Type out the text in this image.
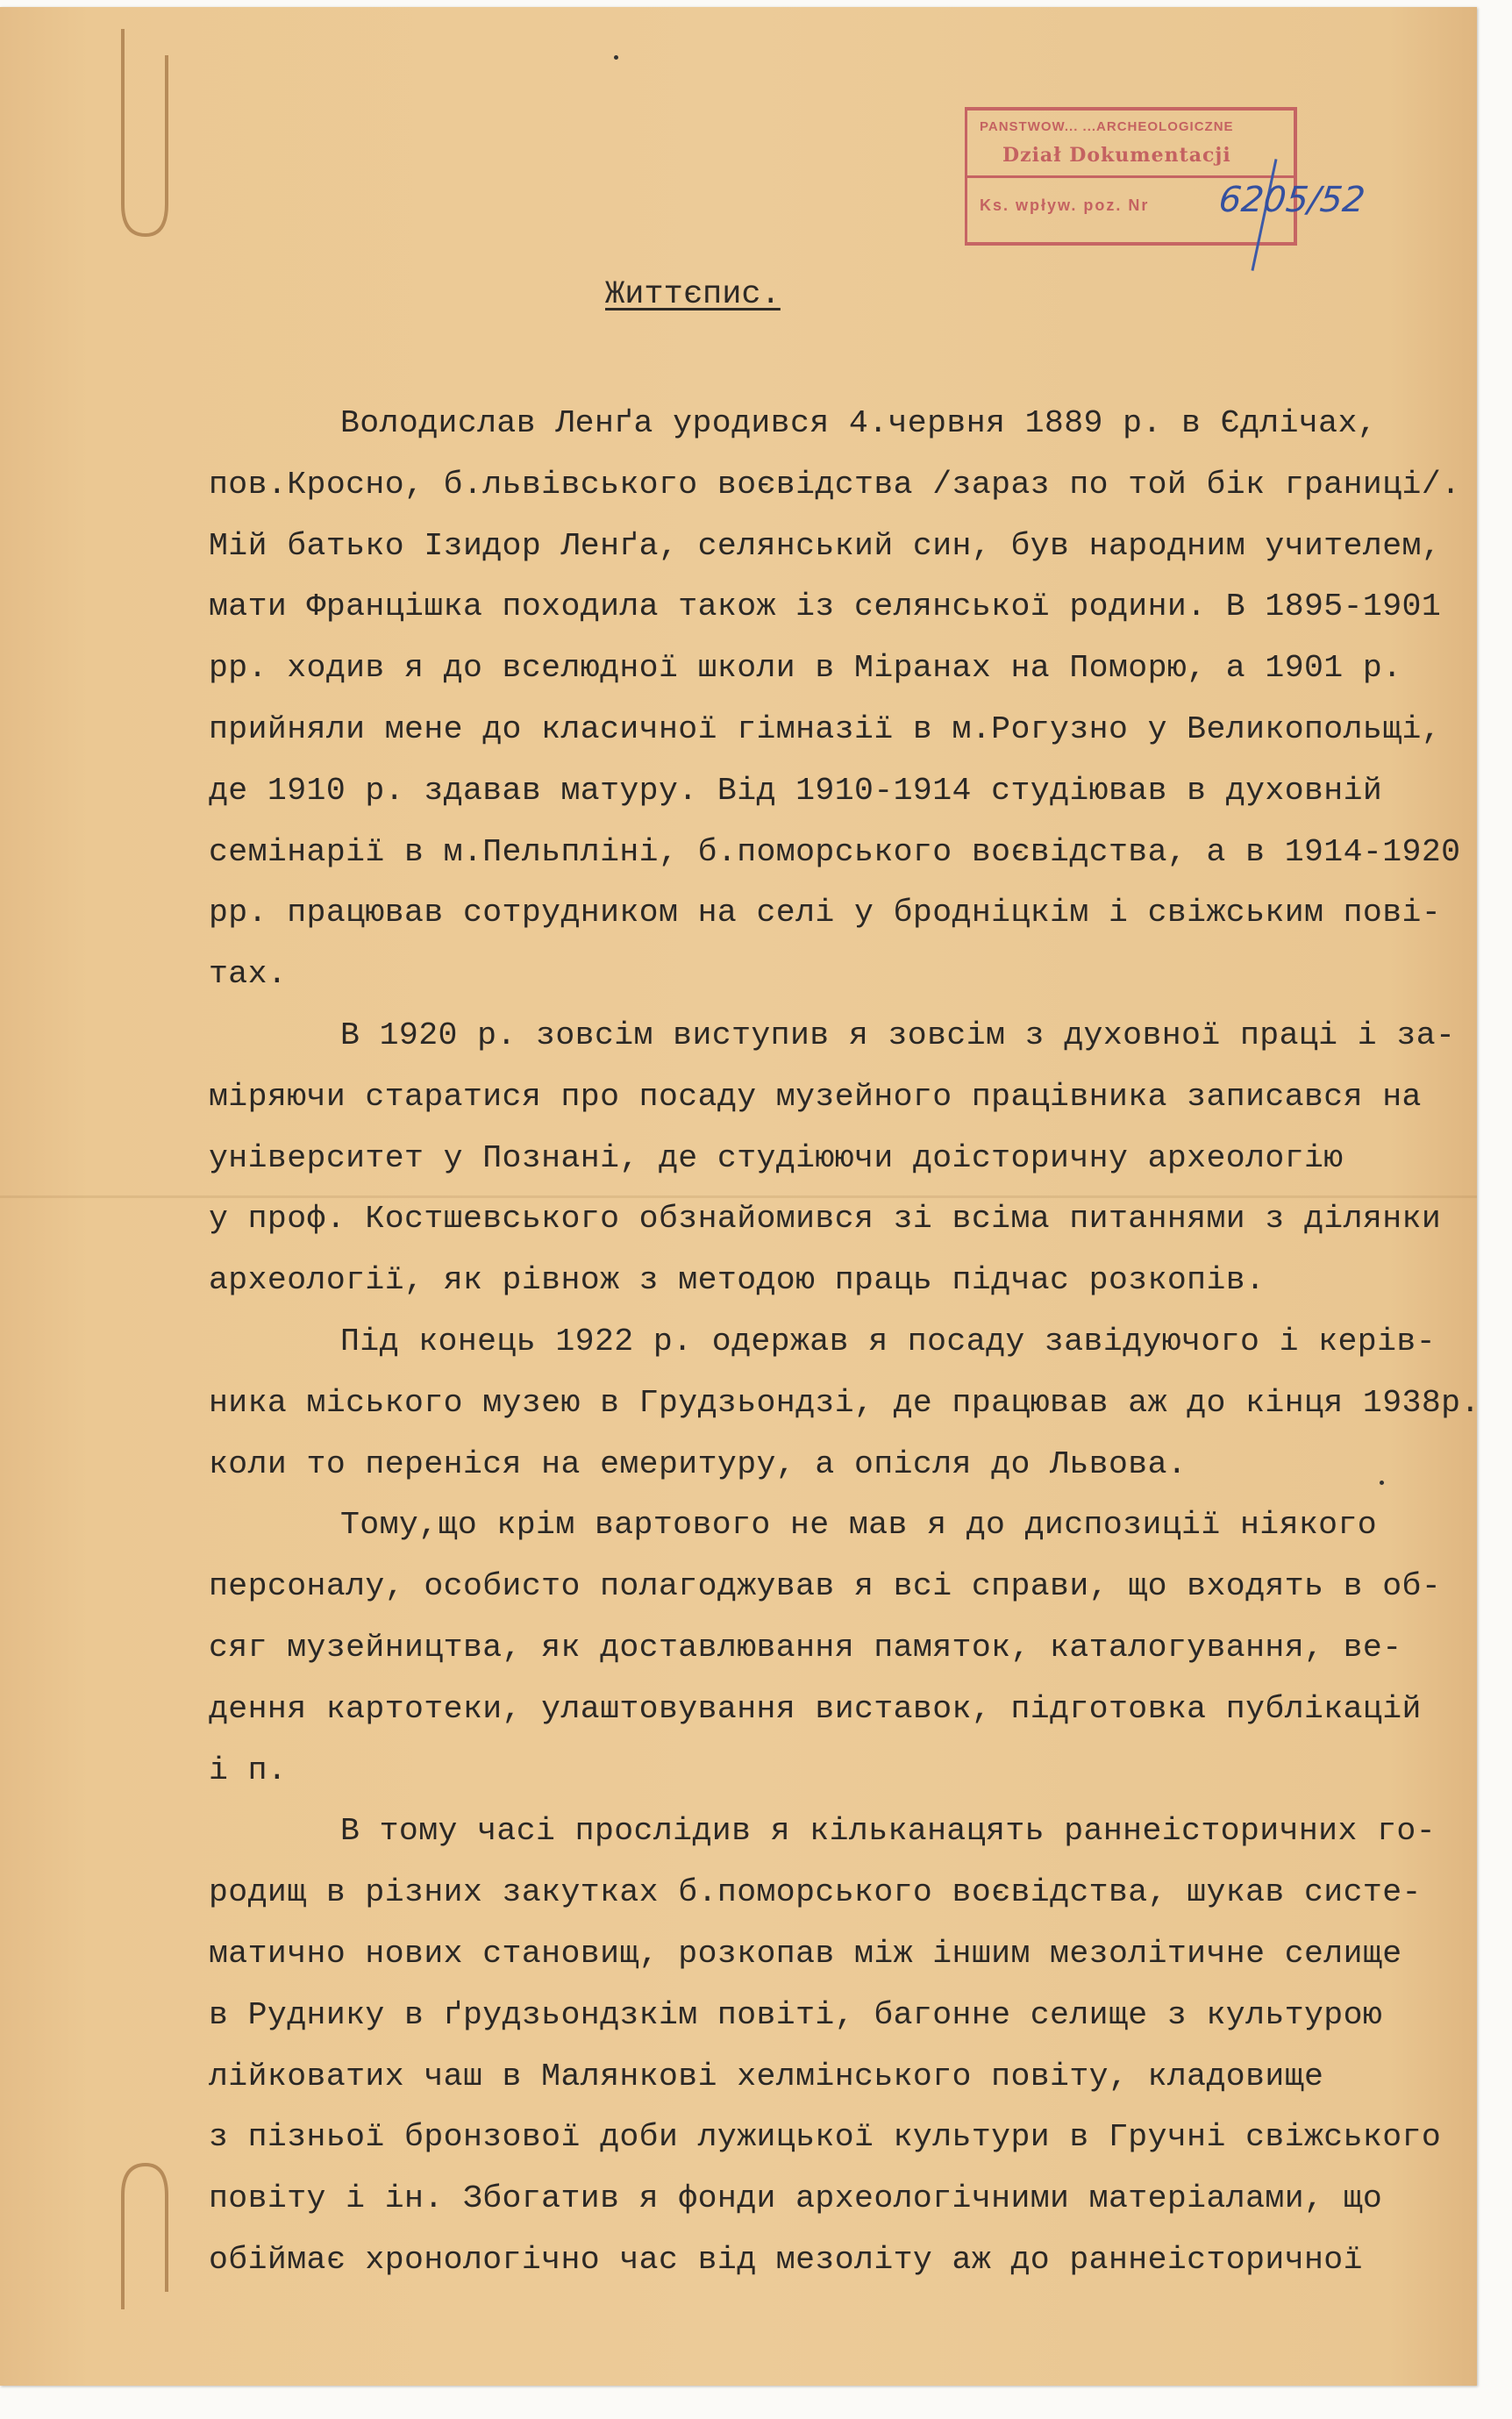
PANSTWOW... ...ARCHEOLOGICZNE
Dział Dokumentacji
Ks. wpływ. poz. Nr 6205/52
Життєпис.
Володислав Ленґа уродився 4.червня 1889 р. в Єдлічах,
пов.Кросно, б.львівського воєвідства /зараз по той бік границі/.
Мій батько Ізидор Ленґа, селянський син, був народним учителем,
мати Францішка походила також із селянської родини. В 1895-1901
рр. ходив я до вселюдної школи в Міранах на Поморю, а 1901 р.
прийняли мене до класичної гімназії в м.Рогузно у Великопольщі,
де 1910 р. здавав матуру. Від 1910-1914 студіював в духовній
семінарії в м.Пельпліні, б.поморського воєвідства, а в 1914-1920
рр. працював сотрудником на селі у бродніцкім і свіжським пові-
тах.
В 1920 р. зовсім виступив я зовсім з духовної праці і за-
міряючи старатися про посаду музейного працівника записався на
університет у Познані, де студіюючи доісторичну археологію
у проф. Костшевського обзнайомився зі всіма питаннями з ділянки
археології, як рівнож з методою праць підчас розкопів.
Під конець 1922 р. одержав я посаду завідуючого і керів-
ника міського музею в Грудзьондзі, де працював аж до кінця 1938р.
коли то переніся на емеритуру, а опісля до Львова.
Тому,що крім вартового не мав я до диспозиції ніякого
персоналу, особисто полагоджував я всі справи, що входять в об-
сяг музейництва, як доставлювання памяток, каталогування, ве-
дення картотеки, улаштовування виставок, підготовка публікацій
і п.
В тому часі прослідив я кільканацять раннеісторичних го-
родищ в різних закутках б.поморського воєвідства, шукав систе-
матично нових становищ, розкопав між іншим мезолітичне селище
в Руднику в ґрудзьондзкім повіті, багонне селище з культурою
лійковатих чаш в Малянкові хелмінського повіту, кладовище
з пізньої бронзової доби лужицької культури в Гручні свіжського
повіту і ін. Збогатив я фонди археологічними матеріалами, що
обіймає хронологічно час від мезоліту аж до раннеісторичної
